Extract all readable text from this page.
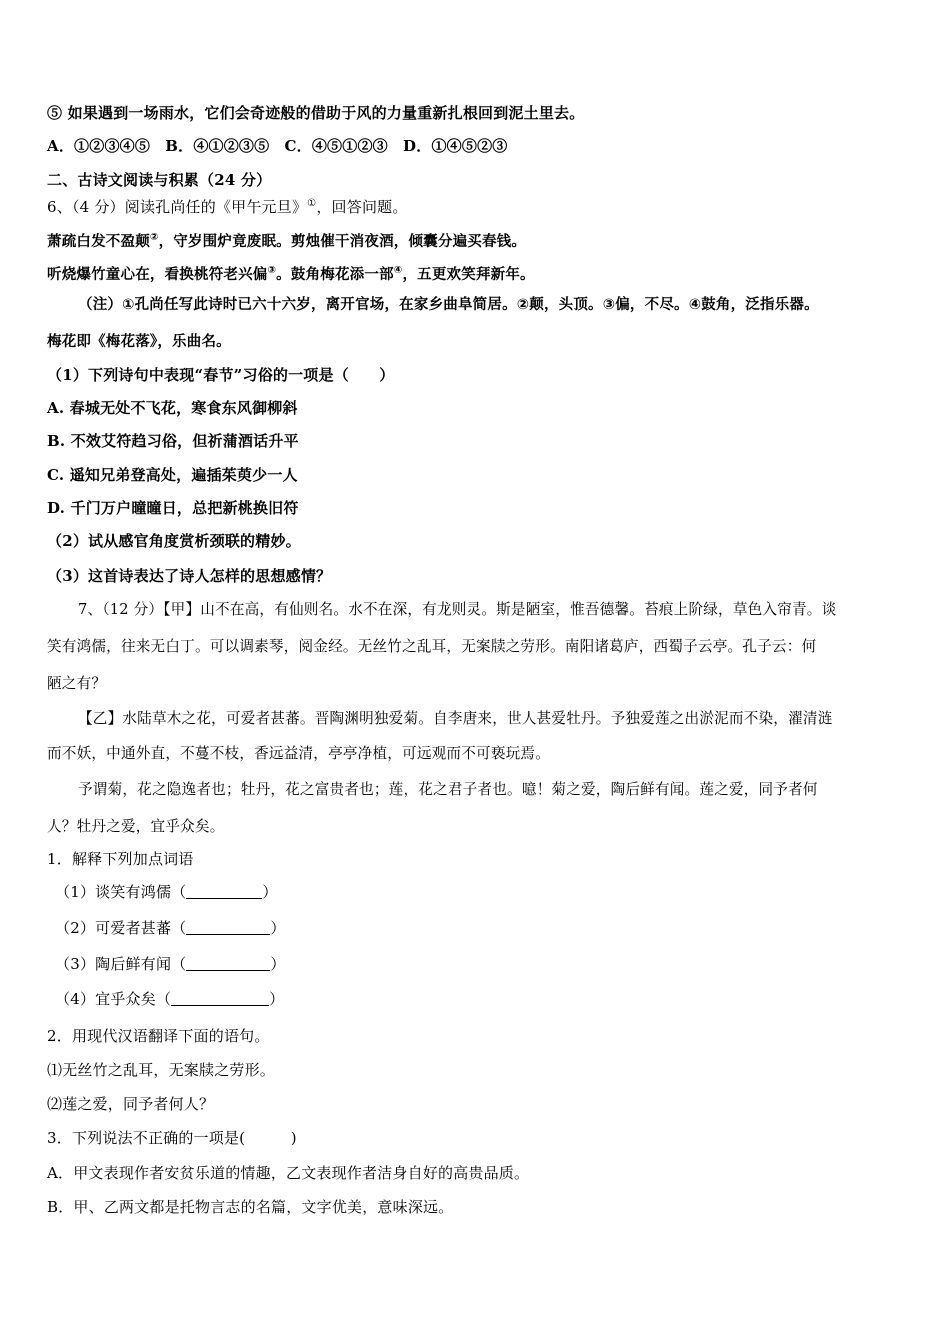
⑤ 如果遇到一场雨水，它们会奇迹般的借助于风的力量重新扎根回到泥土里去。
A．①②③④⑤　B．④①②③⑤　C．④⑤①②③　D．①④⑤②③
二、古诗文阅读与积累（24 分）
6、（4 分）阅读孔尚任的《甲午元旦》①，回答问题。
萧疏白发不盈颠②，守岁围炉竟废眠。剪烛催干消夜酒，倾囊分遍买春钱。
听烧爆竹童心在，看换桃符老兴偏③。鼓角梅花添一部④，五更欢笑拜新年。
（注）①孔尚任写此诗时已六十六岁，离开官场，在家乡曲阜简居。②颠，头顶。③偏，不尽。④鼓角，泛指乐器。
梅花即《梅花落》，乐曲名。
（1）下列诗句中表现“春节”习俗的一项是（　　）
A. 春城无处不飞花，寒食东风御柳斜
B. 不效艾符趋习俗，但祈蒲酒话升平
C. 遥知兄弟登高处，遍插茱萸少一人
D. 千门万户曈曈日，总把新桃换旧符
（2）试从感官角度赏析颈联的精妙。
（3）这首诗表达了诗人怎样的思想感情？
7、（12 分）【甲】山不在高，有仙则名。水不在深，有龙则灵。斯是陋室，惟吾德馨。苔痕上阶绿，草色入帘青。谈
笑有鸿儒，往来无白丁。可以调素琴，阅金经。无丝竹之乱耳，无案牍之劳形。南阳诸葛庐，西蜀子云亭。孔子云：何
陋之有？
【乙】水陆草木之花，可爱者甚蕃。晋陶渊明独爱菊。自李唐来，世人甚爱牡丹。予独爱莲之出淤泥而不染，濯清涟
而不妖，中通外直，不蔓不枝，香远益清，亭亭净植，可远观而不可亵玩焉。
予谓菊，花之隐逸者也；牡丹，花之富贵者也；莲，花之君子者也。噫！菊之爱，陶后鲜有闻。莲之爱，同予者何
人？牡丹之爱，宜乎众矣。
1．解释下列加点词语
（1）谈笑有鸿儒（	）
（2）可爱者甚蕃（	）
（3）陶后鲜有闻（	）
（4）宜乎众矣（	）
2．用现代汉语翻译下面的语句。
⑴无丝竹之乱耳，无案牍之劳形。
⑵莲之爱，同予者何人？
3．下列说法不正确的一项是(　　　)
A．甲文表现作者安贫乐道的情趣，乙文表现作者洁身自好的高贵品质。
B．甲、乙两文都是托物言志的名篇，文字优美，意味深远。
